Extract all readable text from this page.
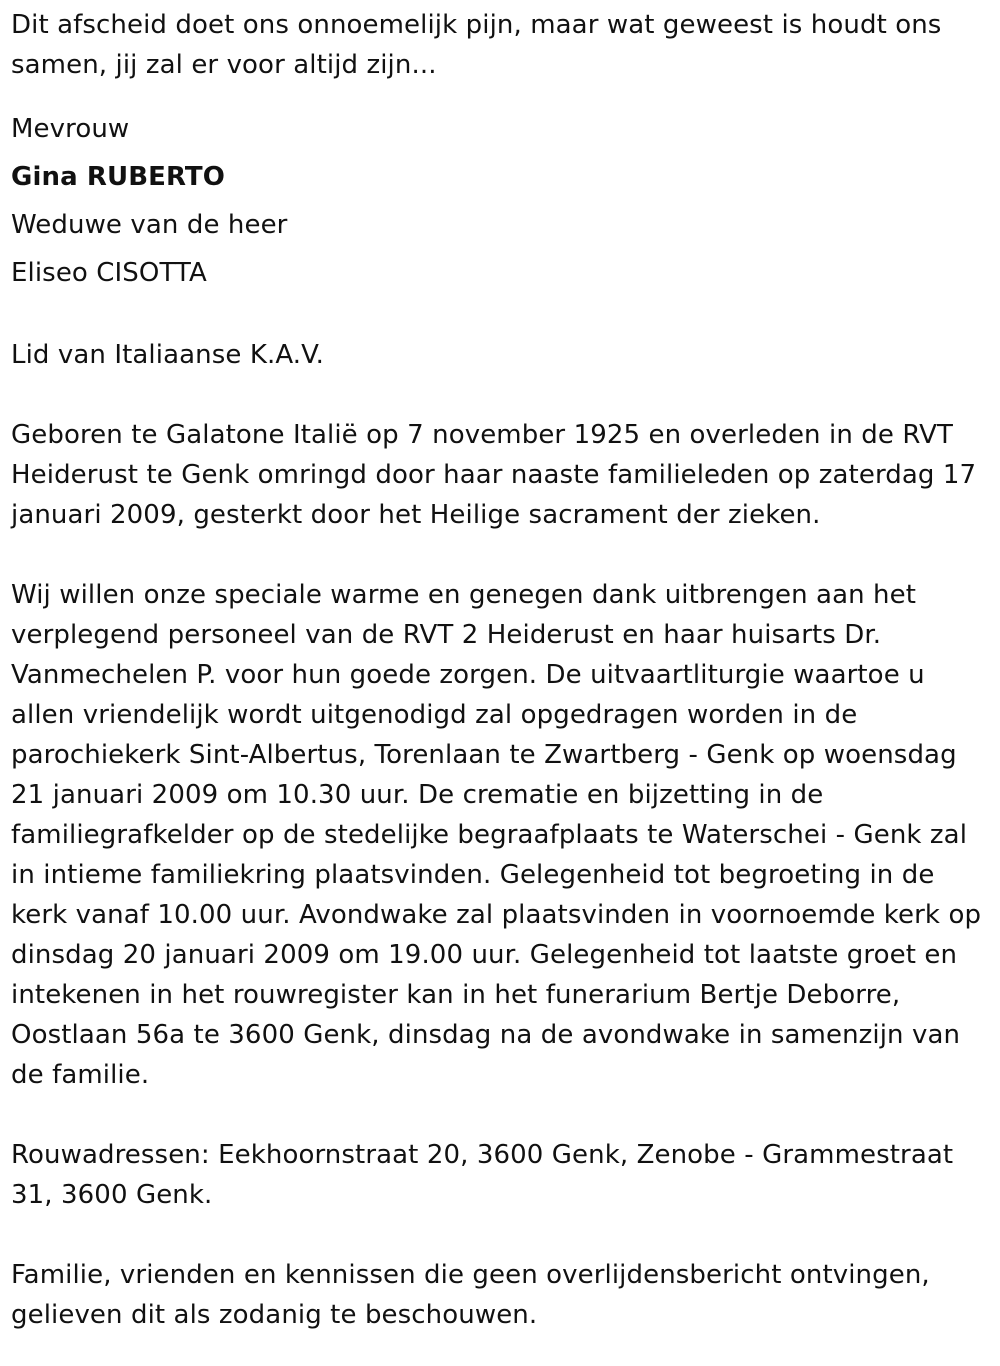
Dit afscheid doet ons onnoemelijk pijn, maar wat geweest is houdt ons samen, jij zal er voor altijd zijn...

Mevrouw

Gina RUBERTO

Weduwe van de heer

Eliseo CISOTTA

Lid van Italiaanse K.A.V.

Geboren te Galatone Italië op 7 november 1925 en overleden in de RVT Heiderust te Genk omringd door haar naaste familieleden op zaterdag 17 januari 2009, gesterkt door het Heilige sacrament der zieken.

Wij willen onze speciale warme en genegen dank uitbrengen aan het verplegend personeel van de RVT 2 Heiderust en haar huisarts Dr. Vanmechelen P. voor hun goede zorgen. De uitvaartliturgie waartoe u allen vriendelijk wordt uitgenodigd zal opgedragen worden in de parochiekerk Sint-Albertus, Torenlaan te Zwartberg - Genk op woensdag 21 januari 2009 om 10.30 uur. De crematie en bijzetting in de familiegrafkelder op de stedelijke begraafplaats te Waterschei - Genk zal in intieme familiekring plaatsvinden. Gelegenheid tot begroeting in de kerk vanaf 10.00 uur. Avondwake zal plaatsvinden in voornoemde kerk op dinsdag 20 januari 2009 om 19.00 uur. Gelegenheid tot laatste groet en intekenen in het rouwregister kan in het funerarium Bertje Deborre, Oostlaan 56a te 3600 Genk, dinsdag na de avondwake in samenzijn van de familie.

Rouwadressen: Eekhoornstraat 20, 3600 Genk, Zenobe - Grammestraat 31, 3600 Genk.

Familie, vrienden en kennissen die geen overlijdensbericht ontvingen, gelieven dit als zodanig te beschouwen.
